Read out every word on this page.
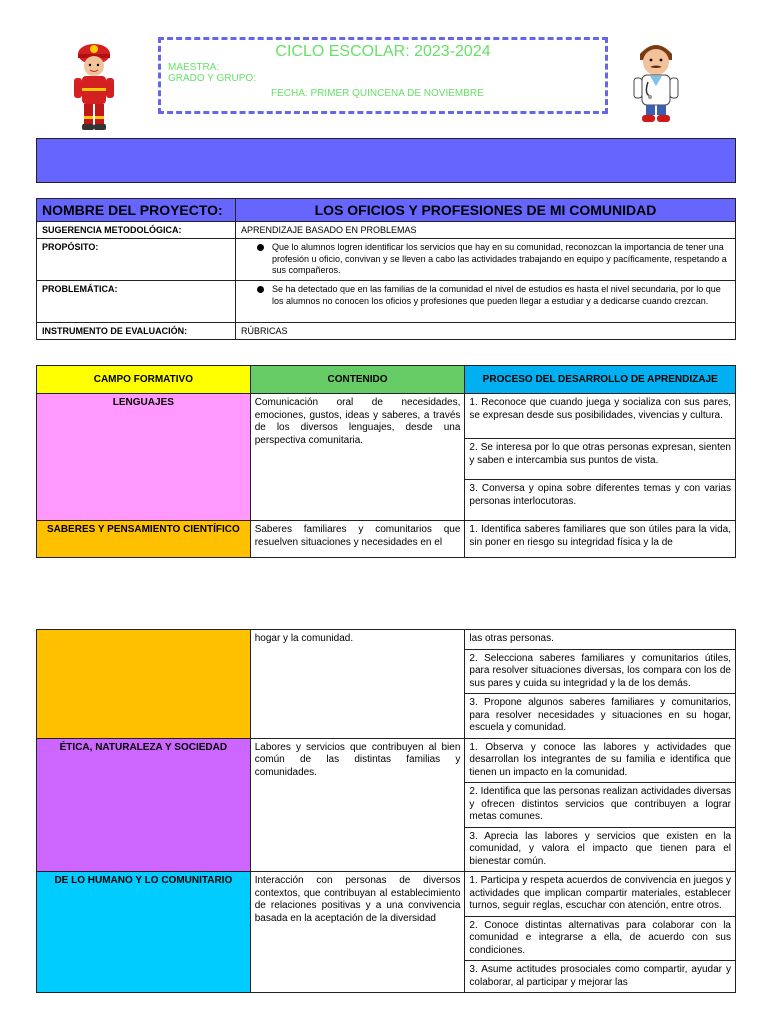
CICLO ESCOLAR: 2023-2024
MAESTRA:
GRADO Y GRUPO:
FECHA: PRIMER QUINCENA DE NOVIEMBRE
NOMBRE DEL PROYECTO:	LOS OFICIOS Y PROFESIONES DE MI COMUNIDAD
SUGERENCIA METODOLÓGICA:	APRENDIZAJE BASADO EN PROBLEMAS
PROPÓSITO:	Que lo alumnos logren identificar los servicios que hay en su comunidad, reconozcan la importancia de tener una profesión u oficio, convivan y se lleven a cabo las actividades trabajando en equipo y pacíficamente, respetando a sus compañeros.

PROBLEMÁTICA:	Se ha detectado que en las familias de la comunidad el nivel de estudios es hasta el nivel secundaria, por lo que los alumnos no conocen los oficios y profesiones que pueden llegar a estudiar y a dedicarse cuando crezcan.

INSTRUMENTO DE EVALUACIÓN:	RÚBRICAS
CAMPO FORMATIVO	CONTENIDO	PROCESO DEL DESARROLLO DE APRENDIZAJE
LENGUAJES	Comunicación oral de necesidades, emociones, gustos, ideas y saberes, a través de los diversos lenguajes, desde una perspectiva comunitaria.	1. Reconoce que cuando juega y socializa con sus pares, se expresan desde sus posibilidades, vivencias y cultura.
2. Se interesa por lo que otras personas expresan, sienten y saben e intercambia sus puntos de vista.
3. Conversa y opina sobre diferentes temas y con varias personas interlocutoras.

SABERES Y PENSAMIENTO CIENTÍFICO	Saberes familiares y comunitarios que resuelven situaciones y necesidades en el	1. Identifica saberes familiares que son útiles para la vida, sin poner en riesgo su integridad física y la de
	hogar y la comunidad.	las otras personas.
2. Selecciona saberes familiares y comunitarios útiles, para resolver situaciones diversas, los compara con los de sus pares y cuida su integridad y la de los demás.
3. Propone algunos saberes familiares y comunitarios, para resolver necesidades y situaciones en su hogar, escuela y comunidad.

ÉTICA, NATURALEZA Y SOCIEDAD	Labores y servicios que contribuyen al bien común de las distintas familias y comunidades.	1. Observa y conoce las labores y actividades que desarrollan los integrantes de su familia e identifica que tienen un impacto en la comunidad.
2. Identifica que las personas realizan actividades diversas y ofrecen distintos servicios que contribuyen a lograr metas comunes.
3. Aprecia las labores y servicios que existen en la comunidad, y valora el impacto que tienen para el bienestar común.

DE LO HUMANO Y LO COMUNITARIO	Interacción con personas de diversos contextos, que contribuyan al establecimiento de relaciones positivas y a una convivencia basada en la aceptación de la diversidad	1. Participa y respeta acuerdos de convivencia en juegos y actividades que implican compartir materiales, establecer turnos, seguir reglas, escuchar con atención, entre otros.
2. Conoce distintas alternativas para colaborar con la comunidad e integrarse a ella, de acuerdo con sus condiciones.
3. Asume actitudes prosociales como compartir, ayudar y colaborar, al participar y mejorar las
